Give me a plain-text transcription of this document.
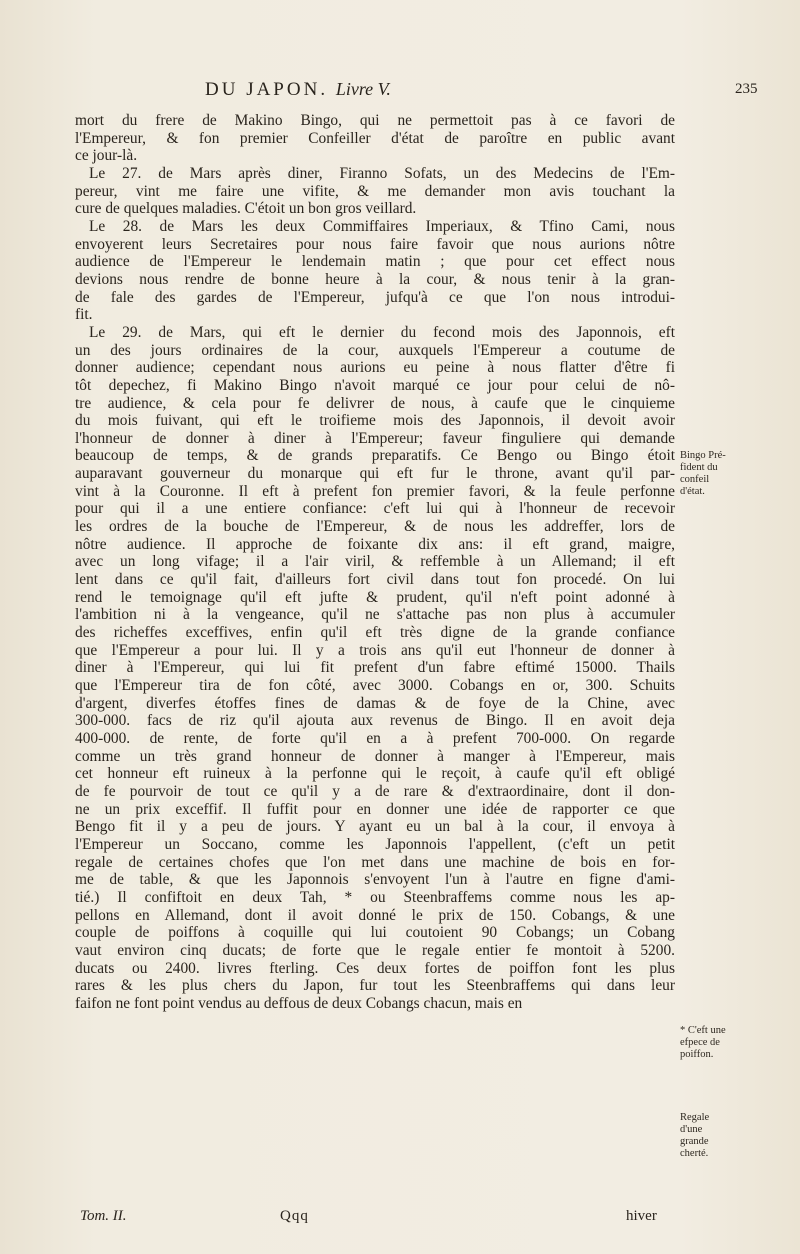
DU JAPON. Livre V.	235

mort du frere de Makino Bingo, qui ne permettoit pas à ce favori de
l'Empereur, & fon premier Confeiller d'état de paroître en public avant
ce jour-là.

Le 27. de Mars après diner, Firanno Sofats, un des Medecins de l'Em-
pereur, vint me faire une vifite, & me demander mon avis touchant la
cure de quelques maladies. C'étoit un bon gros veillard.

Le 28. de Mars les deux Commiffaires Imperiaux, & Tfino Cami, nous
envoyerent leurs Secretaires pour nous faire favoir que nous aurions nôtre
audience de l'Empereur le lendemain matin ; que pour cet effect nous
devions nous rendre de bonne heure à la cour, & nous tenir à la gran-
de fale des gardes de l'Empereur, jufqu'à ce que l'on nous introdui-
fit.

Le 29. de Mars, qui eft le dernier du fecond mois des Japonnois, eft
un des jours ordinaires de la cour, auxquels l'Empereur a coutume de
donner audience; cependant nous aurions eu peine à nous flatter d'être fi
tôt depechez, fi Makino Bingo n'avoit marqué ce jour pour celui de nô-
tre audience, & cela pour fe delivrer de nous, à caufe que le cinquieme
du mois fuivant, qui eft le troifieme mois des Japonnois, il devoit avoir
l'honneur de donner à diner à l'Empereur; faveur finguliere qui demande
beaucoup de temps, & de grands preparatifs. Ce Bengo ou Bingo étoit
auparavant gouverneur du monarque qui eft fur le throne, avant qu'il par-
vint à la Couronne. Il eft à prefent fon premier favori, & la feule perfonne
pour qui il a une entiere confiance: c'eft lui qui à l'honneur de recevoir
les ordres de la bouche de l'Empereur, & de nous les addreffer, lors de
nôtre audience. Il approche de foixante dix ans: il eft grand, maigre,
avec un long vifage; il a l'air viril, & reffemble à un Allemand; il eft
lent dans ce qu'il fait, d'ailleurs fort civil dans tout fon procedé. On lui
rend le temoignage qu'il eft jufte & prudent, qu'il n'eft point adonné à
l'ambition ni à la vengeance, qu'il ne s'attache pas non plus à accumuler
des richeffes exceffives, enfin qu'il eft très digne de la grande confiance
que l'Empereur a pour lui. Il y a trois ans qu'il eut l'honneur de donner à
diner à l'Empereur, qui lui fit prefent d'un fabre eftimé 15000. Thails
que l'Empereur tira de fon côté, avec 3000. Cobangs en or, 300. Schuits
d'argent, diverfes étoffes fines de damas & de foye de la Chine, avec
300-000. facs de riz qu'il ajouta aux revenus de Bingo. Il en avoit deja
400-000. de rente, de forte qu'il en a à prefent 700-000. On regarde
comme un très grand honneur de donner à manger à l'Empereur, mais
cet honneur eft ruineux à la perfonne qui le reçoit, à caufe qu'il eft obligé
de fe pourvoir de tout ce qu'il y a de rare & d'extraordinaire, dont il don-
ne un prix exceffif. Il fuffit pour en donner une idée de rapporter ce que
Bengo fit il y a peu de jours. Y ayant eu un bal à la cour, il envoya à
l'Empereur un Soccano, comme les Japonnois l'appellent, (c'eft un petit
regale de certaines chofes que l'on met dans une machine de bois en for-
me de table, & que les Japonnois s'envoyent l'un à l'autre en figne d'ami-
tié.) Il confiftoit en deux Tah, * ou Steenbraffems comme nous les ap-
pellons en Allemand, dont il avoit donné le prix de 150. Cobangs, & une
couple de poiffons à coquille qui lui coutoient 90 Cobangs; un Cobang
vaut environ cinq ducats; de forte que le regale entier fe montoit à 5200.
ducats ou 2400. livres fterling. Ces deux fortes de poiffon font les plus
rares & les plus chers du Japon, fur tout les Steenbraffems qui dans leur
faifon ne font point vendus au deffous de deux Cobangs chacun, mais en

Bingo Pré-
fident du
confeil
d'état.
* C'eft une
efpece de
poiffon.
Regale
d'une
grande
cherté.
Tom. II.	Qqq	hiver
